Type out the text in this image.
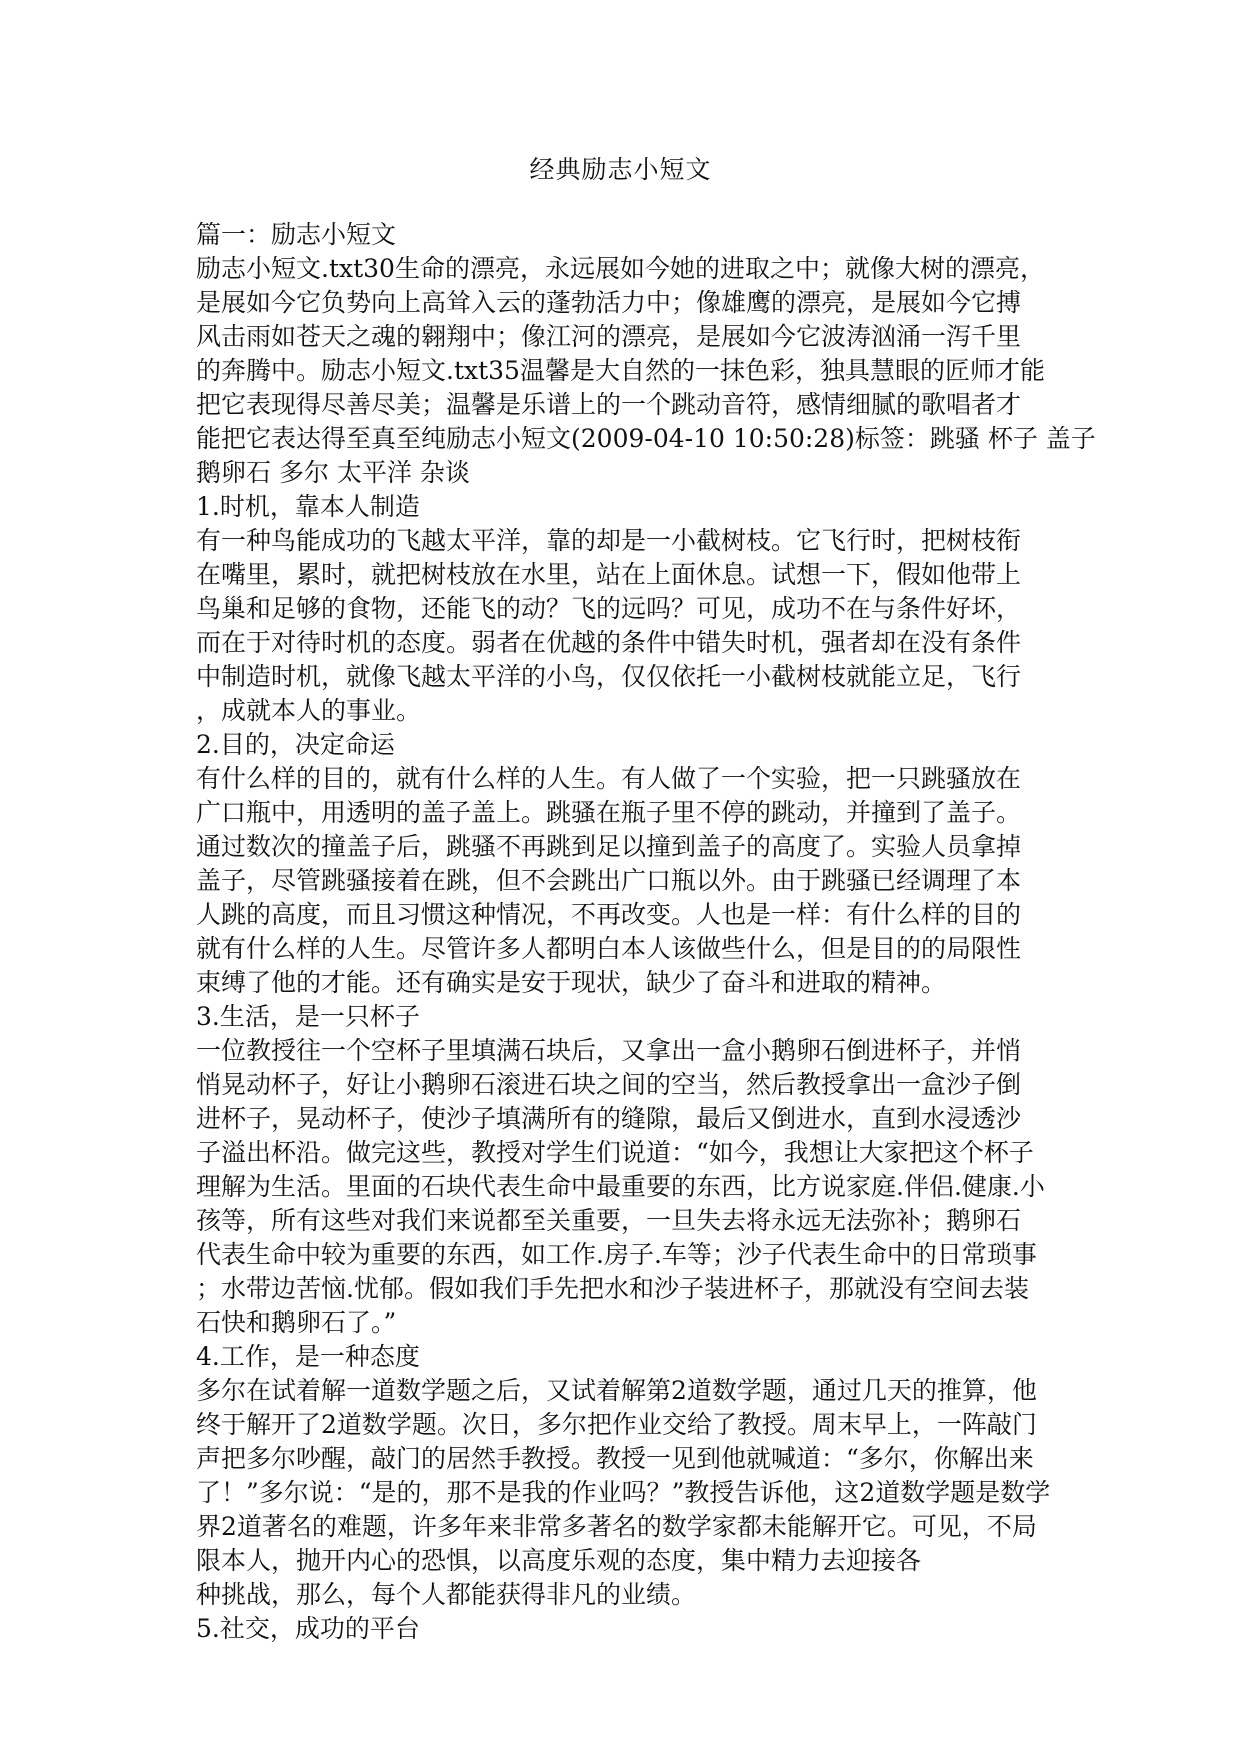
经典励志小短文
篇一：励志小短文
励志小短文.txt30生命的漂亮，永远展如今她的进取之中；就像大树的漂亮，
是展如今它负势向上高耸入云的蓬勃活力中；像雄鹰的漂亮，是展如今它搏
风击雨如苍天之魂的翱翔中；像江河的漂亮，是展如今它波涛汹涌一泻千里
的奔腾中。励志小短文.txt35温馨是大自然的一抹色彩，独具慧眼的匠师才能
把它表现得尽善尽美；温馨是乐谱上的一个跳动音符，感情细腻的歌唱者才
能把它表达得至真至纯励志小短文(2009-04-10 10:50:28)标签：跳骚 杯子 盖子
鹅卵石 多尔 太平洋 杂谈
1.时机，靠本人制造
有一种鸟能成功的飞越太平洋，靠的却是一小截树枝。它飞行时，把树枝衔
在嘴里，累时，就把树枝放在水里，站在上面休息。试想一下，假如他带上
鸟巢和足够的食物，还能飞的动？飞的远吗？可见，成功不在与条件好坏，
而在于对待时机的态度。弱者在优越的条件中错失时机，强者却在没有条件
中制造时机，就像飞越太平洋的小鸟，仅仅依托一小截树枝就能立足，飞行
，成就本人的事业。
2.目的，决定命运
有什么样的目的，就有什么样的人生。有人做了一个实验，把一只跳骚放在
广口瓶中，用透明的盖子盖上。跳骚在瓶子里不停的跳动，并撞到了盖子。
通过数次的撞盖子后，跳骚不再跳到足以撞到盖子的高度了。实验人员拿掉
盖子，尽管跳骚接着在跳，但不会跳出广口瓶以外。由于跳骚已经调理了本
人跳的高度，而且习惯这种情况，不再改变。人也是一样：有什么样的目的
就有什么样的人生。尽管许多人都明白本人该做些什么，但是目的的局限性
束缚了他的才能。还有确实是安于现状，缺少了奋斗和进取的精神。
3.生活，是一只杯子
一位教授往一个空杯子里填满石块后，又拿出一盒小鹅卵石倒进杯子，并悄
悄晃动杯子，好让小鹅卵石滚进石块之间的空当，然后教授拿出一盒沙子倒
进杯子，晃动杯子，使沙子填满所有的缝隙，最后又倒进水，直到水浸透沙
子溢出杯沿。做完这些，教授对学生们说道：“如今，我想让大家把这个杯子
理解为生活。里面的石块代表生命中最重要的东西，比方说家庭.伴侣.健康.小
孩等，所有这些对我们来说都至关重要，一旦失去将永远无法弥补；鹅卵石
代表生命中较为重要的东西，如工作.房子.车等；沙子代表生命中的日常琐事
；水带边苦恼.忧郁。假如我们手先把水和沙子装进杯子，那就没有空间去装
石快和鹅卵石了。”
4.工作，是一种态度
多尔在试着解一道数学题之后，又试着解第2道数学题，通过几天的推算，他
终于解开了2道数学题。次日，多尔把作业交给了教授。周末早上，一阵敲门
声把多尔吵醒，敲门的居然手教授。教授一见到他就喊道：“多尔，你解出来
了！”多尔说：“是的，那不是我的作业吗？”教授告诉他，这2道数学题是数学
界2道著名的难题，许多年来非常多著名的数学家都未能解开它。可见，不局
限本人，抛开内心的恐惧，以高度乐观的态度，集中精力去迎接各
种挑战，那么，每个人都能获得非凡的业绩。
5.社交，成功的平台
